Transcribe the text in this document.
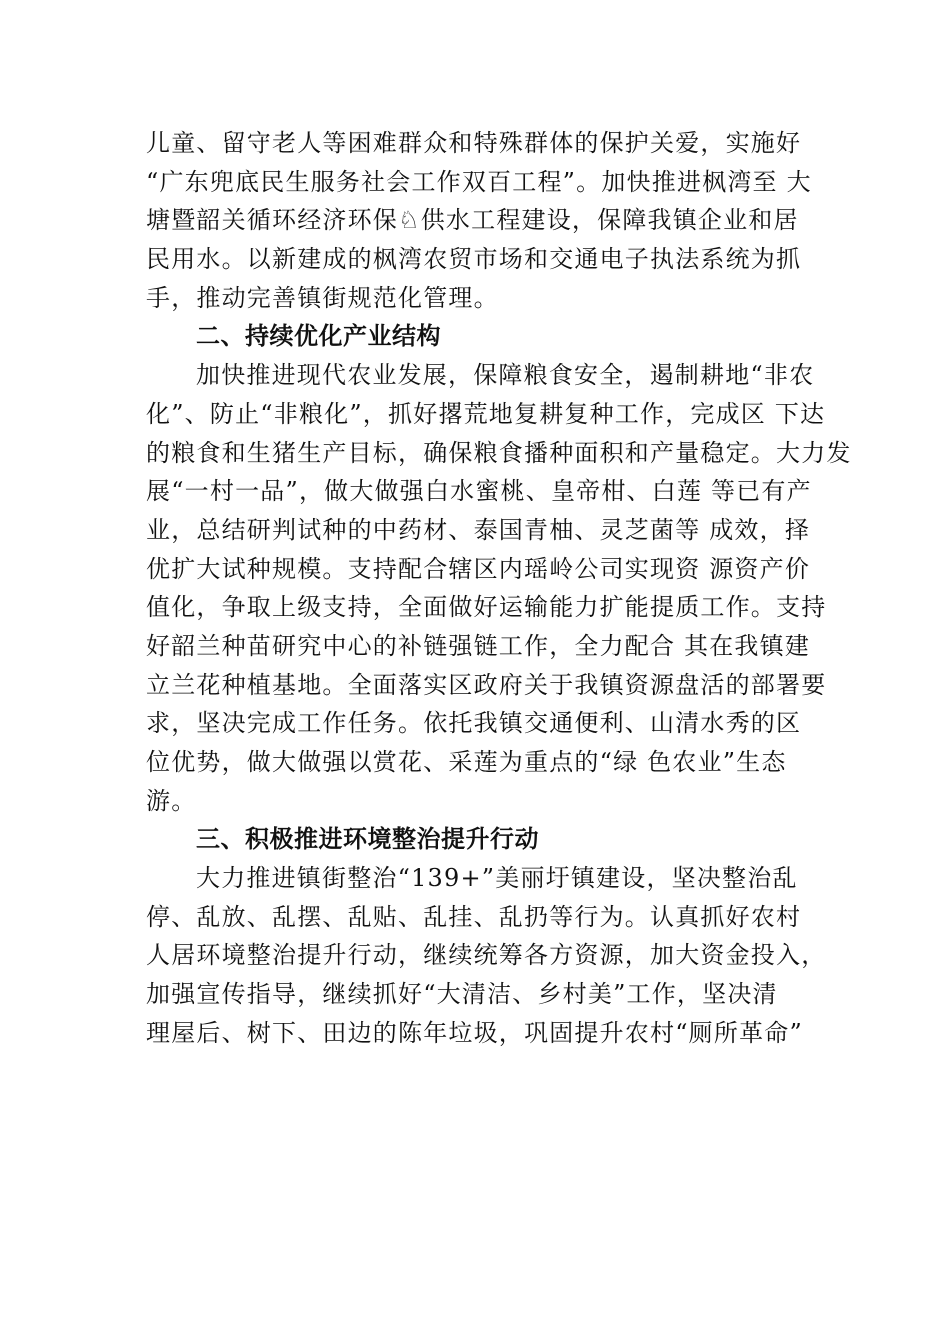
儿童、留守老人等困难群众和特殊群体的保护关爱，实施好
“广东兜底民生服务社会工作双百工程”。加快推进枫湾至 大
塘暨韶关循环经济环保♘供水工程建设，保障我镇企业和居
民用水。以新建成的枫湾农贸市场和交通电子执法系统为抓
手，推动完善镇街规范化管理。
二、持续优化产业结构
加快推进现代农业发展，保障粮食安全，遏制耕地“非农
化”、防止“非粮化”，抓好撂荒地复耕复种工作，完成区 下达
的粮食和生猪生产目标，确保粮食播种面积和产量稳定。大力发
展“一村一品”，做大做强白水蜜桃、皇帝柑、白莲 等已有产
业，总结研判试种的中药材、泰国青柚、灵芝菌等 成效，择
优扩大试种规模。支持配合辖区内瑶岭公司实现资 源资产价
值化，争取上级支持，全面做好运输能力扩能提质工作。支持
好韶兰种苗研究中心的补链强链工作，全力配合 其在我镇建
立兰花种植基地。全面落实区政府关于我镇资源盘活的部署要
求，坚决完成工作任务。依托我镇交通便利、山清水秀的区
位优势，做大做强以赏花、采莲为重点的“绿 色农业”生态
游。
三、积极推进环境整治提升行动
大力推进镇街整治“139+”美丽圩镇建设，坚决整治乱
停、乱放、乱摆、乱贴、乱挂、乱扔等行为。认真抓好农村
人居环境整治提升行动，继续统筹各方资源，加大资金投入，
加强宣传指导，继续抓好“大清洁、乡村美”工作，坚决清
理屋后、树下、田边的陈年垃圾，巩固提升农村“厕所革命”
